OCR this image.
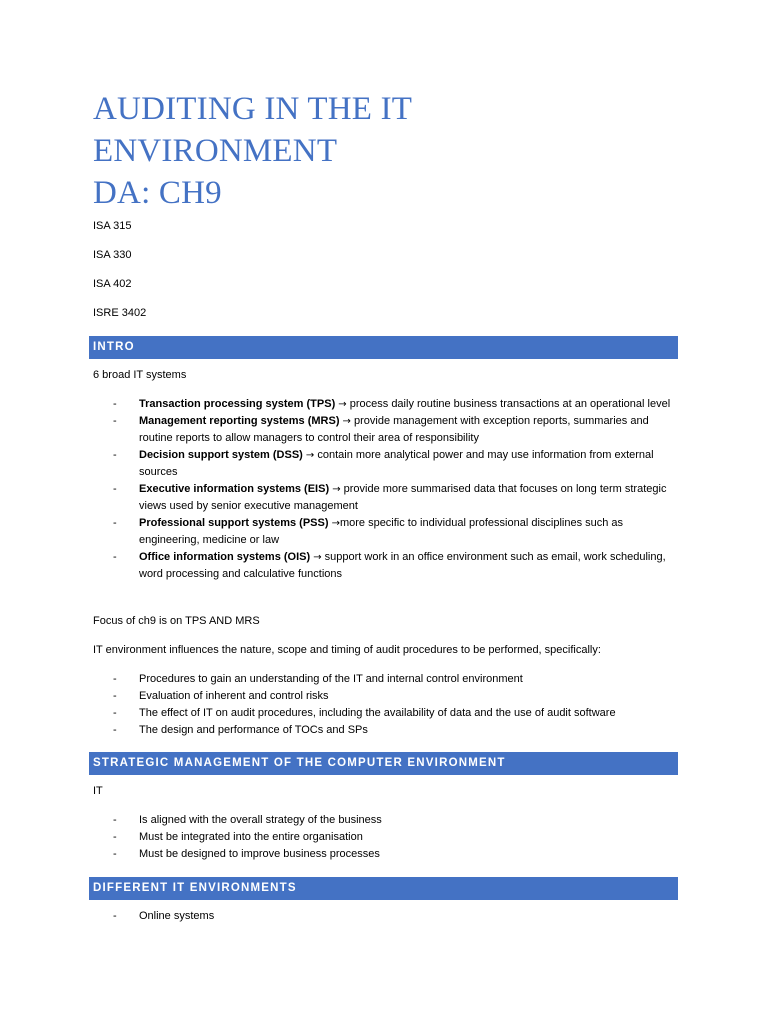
AUDITING IN THE IT
ENVIRONMENT
DA: CH9

ISA 315

ISA 330

ISA 402

ISRE 3402

INTRO

6 broad IT systems

- Transaction processing system (TPS) → process daily routine business transactions at an operational level
- Management reporting systems (MRS) → provide management with exception reports, summaries and routine reports to allow managers to control their area of responsibility
- Decision support system (DSS) → contain more analytical power and may use information from external sources
- Executive information systems (EIS) → provide more summarised data that focuses on long term strategic views used by senior executive management
- Professional support systems (PSS) →more specific to individual professional disciplines such as engineering, medicine or law
- Office information systems (OIS) → support work in an office environment such as email, work scheduling, word processing and calculative functions

Focus of ch9 is on TPS AND MRS

IT environment influences the nature, scope and timing of audit procedures to be performed, specifically:

- Procedures to gain an understanding of the IT and internal control environment
- Evaluation of inherent and control risks
- The effect of IT on audit procedures, including the availability of data and the use of audit software
- The design and performance of TOCs and SPs
STRATEGIC MANAGEMENT OF THE COMPUTER ENVIRONMENT

IT

- Is aligned with the overall strategy of the business
- Must be integrated into the entire organisation
- Must be designed to improve business processes
DIFFERENT IT ENVIRONMENTS
- Online systems
